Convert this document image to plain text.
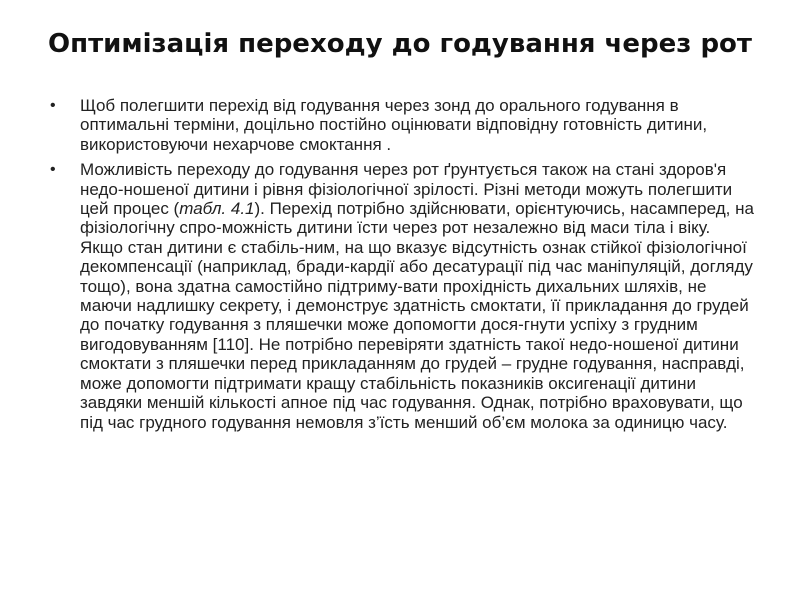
Оптимізація переходу до годування через рот
• Щоб полегшити перехід від годування через зонд до орального годування в оптимальні терміни, доцільно постійно оцінювати відповідну готовність дитини, використовуючи нехарчове смоктання .
• Можливість переходу до годування через рот ґрунтується також на стані здоров'я недо-ношеної дитини і рівня фізіологічної зрілості. Різні методи можуть полегшити цей процес (табл. 4.1). Перехід потрібно здійснювати, орієнтуючись, насамперед, на фізіологічну спро-можність дитини їсти через рот незалежно від маси тіла і віку. Якщо стан дитини є стабіль-ним, на що вказує відсутність ознак стійкої фізіологічної декомпенсації (наприклад, бради-кардії або десатурації під час маніпуляцій, догляду тощо), вона здатна самостійно підтриму-вати прохідність дихальних шляхів, не маючи надлишку секрету, і демонструє здатність смоктати, її прикладання до грудей до початку годування з пляшечки може допомогти дося-гнути успіху з грудним вигодовуванням [110]. Не потрібно перевіряти здатність такої недо-ношеної дитини смоктати з пляшечки перед прикладанням до грудей – грудне годування, насправді, може допомогти підтримати кращу стабільність показників оксигенації дитини завдяки меншій кількості апное під час годування. Однак, потрібно враховувати, що під час грудного годування немовля з’їсть менший об’єм молока за одиницю часу.
